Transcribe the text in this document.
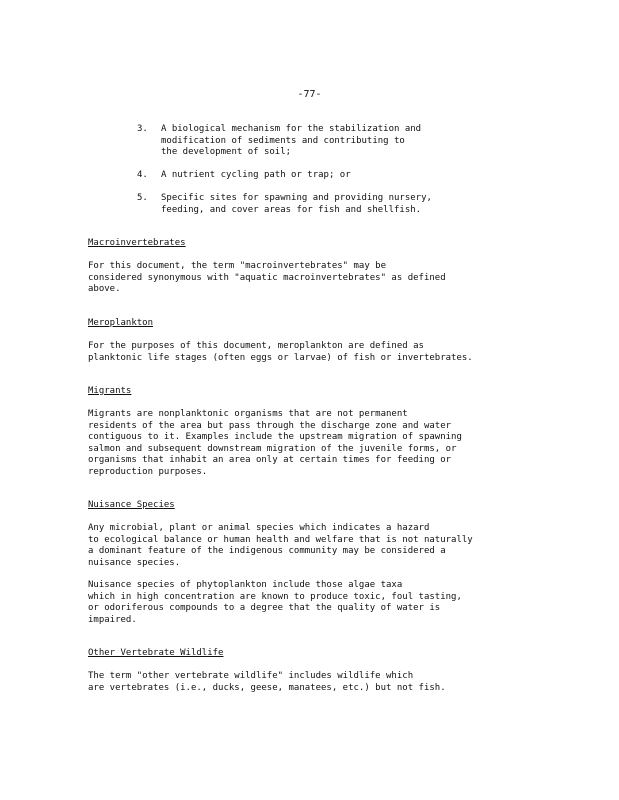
-77-
3.	A biological mechanism for the stabilization and
modification of sediments and contributing to
the development of soil;
4.	A nutrient cycling path or trap; or
5.	Specific sites for spawning and providing nursery,
feeding, and cover areas for fish and shellfish.
Macroinvertebrates
For this document, the term "macroinvertebrates" may be
considered synonymous with "aquatic macroinvertebrates" as defined
above.
Meroplankton
For the purposes of this document, meroplankton are defined as
planktonic life stages (often eggs or larvae) of fish or invertebrates.
Migrants
Migrants are nonplanktonic organisms that are not permanent
residents of the area but pass through the discharge zone and water
contiguous to it. Examples include the upstream migration of spawning
salmon and subsequent downstream migration of the juvenile forms, or
organisms that inhabit an area only at certain times for feeding or
reproduction purposes.
Nuisance Species
Any microbial, plant or animal species which indicates a hazard
to ecological balance or human health and welfare that is not naturally
a dominant feature of the indigenous community may be considered a
nuisance species.
Nuisance species of phytoplankton include those algae taxa
which in high concentration are known to produce toxic, foul tasting,
or odoriferous compounds to a degree that the quality of water is
impaired.
Other Vertebrate Wildlife
The term "other vertebrate wildlife" includes wildlife which
are vertebrates (i.e., ducks, geese, manatees, etc.) but not fish.
